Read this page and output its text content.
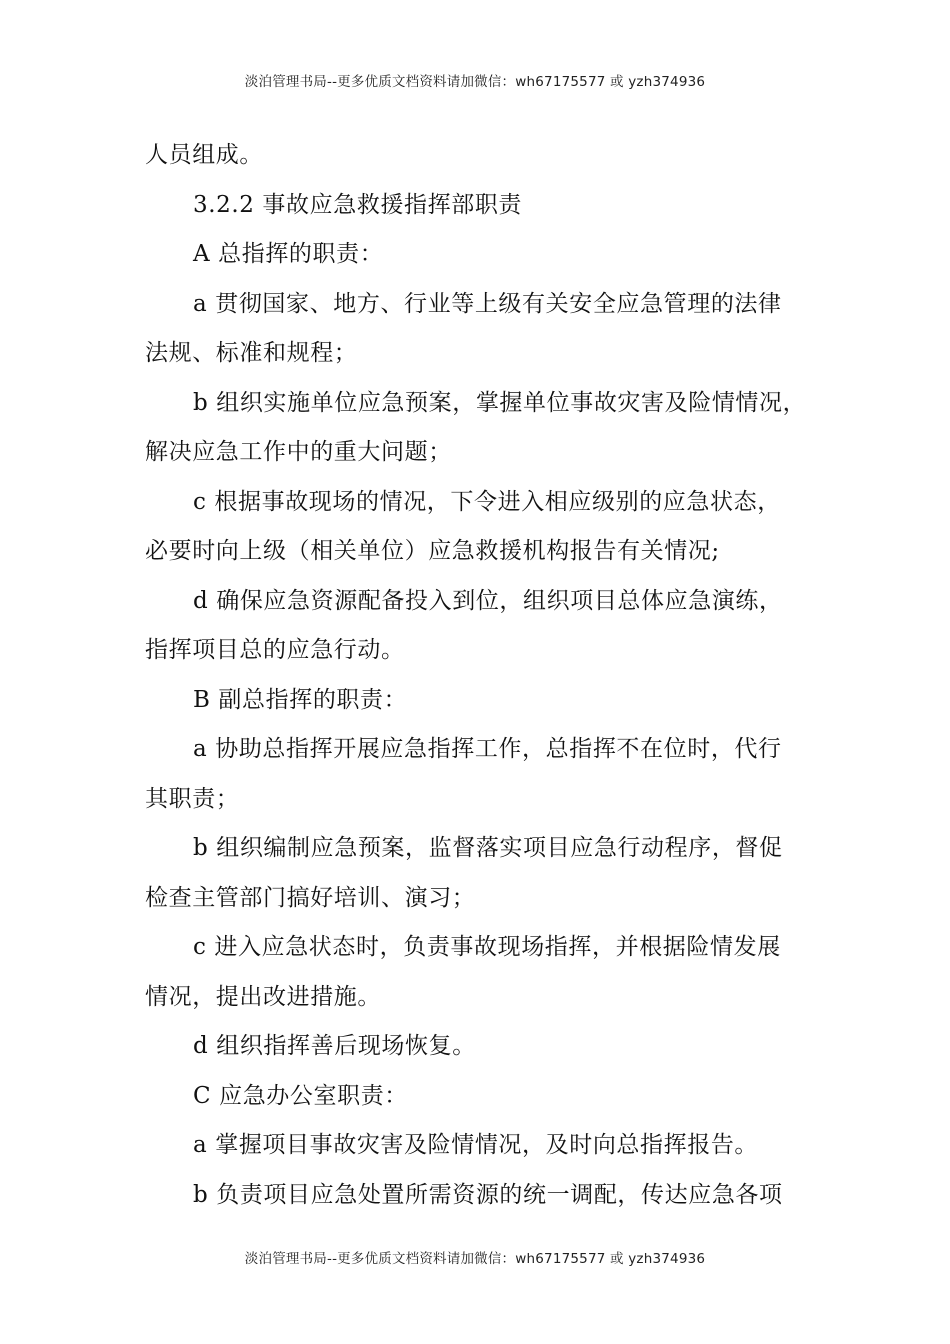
淡泊管理书局--更多优质文档资料请加微信：wh67175577 或 yzh374936
人员组成。
3.2.2 事故应急救援指挥部职责
A 总指挥的职责：
a 贯彻国家、地方、行业等上级有关安全应急管理的法律
法规、标准和规程；
b 组织实施单位应急预案，掌握单位事故灾害及险情情况，
解决应急工作中的重大问题；
c 根据事故现场的情况，下令进入相应级别的应急状态，
必要时向上级（相关单位）应急救援机构报告有关情况;
d 确保应急资源配备投入到位，组织项目总体应急演练，
指挥项目总的应急行动。
B 副总指挥的职责：
a 协助总指挥开展应急指挥工作，总指挥不在位时，代行
其职责；
b 组织编制应急预案，监督落实项目应急行动程序，督促
检查主管部门搞好培训、演习；
c 进入应急状态时，负责事故现场指挥，并根据险情发展
情况，提出改进措施。
d 组织指挥善后现场恢复。
C 应急办公室职责：
a 掌握项目事故灾害及险情情况，及时向总指挥报告。
b 负责项目应急处置所需资源的统一调配，传达应急各项
淡泊管理书局--更多优质文档资料请加微信：wh67175577 或 yzh374936
